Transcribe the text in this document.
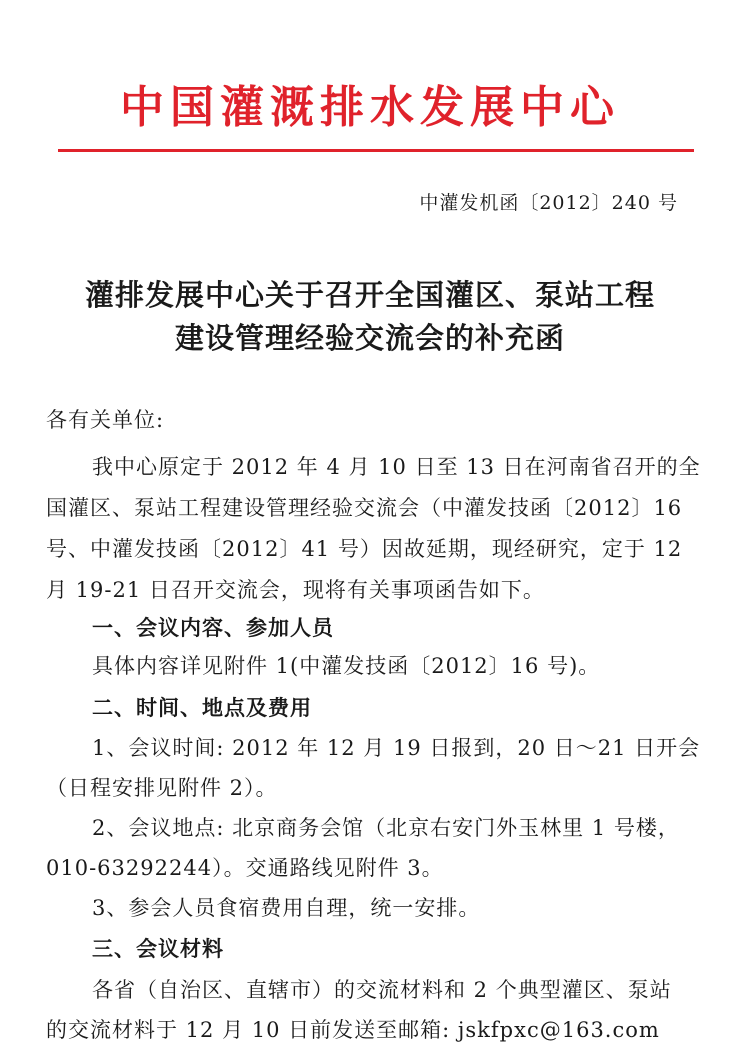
中国灌溉排水发展中心
中灌发机函〔2012〕240 号
灌排发展中心关于召开全国灌区、泵站工程
建设管理经验交流会的补充函
各有关单位:
我中心原定于 2012 年 4 月 10 日至 13 日在河南省召开的全
国灌区、泵站工程建设管理经验交流会（中灌发技函〔2012〕16
号、中灌发技函〔2012〕41 号）因故延期，现经研究，定于 12
月 19-21 日召开交流会，现将有关事项函告如下。
一、会议内容、参加人员
具体内容详见附件 1(中灌发技函〔2012〕16 号)。
二、时间、地点及费用
1、会议时间: 2012 年 12 月 19 日报到，20 日～21 日开会
（日程安排见附件 2）。
2、会议地点: 北京商务会馆（北京右安门外玉林里 1 号楼，
010-63292244）。交通路线见附件 3。
3、参会人员食宿费用自理，统一安排。
三、会议材料
各省（自治区、直辖市）的交流材料和 2 个典型灌区、泵站
的交流材料于 12 月 10 日前发送至邮箱: jskfpxc@163.com
